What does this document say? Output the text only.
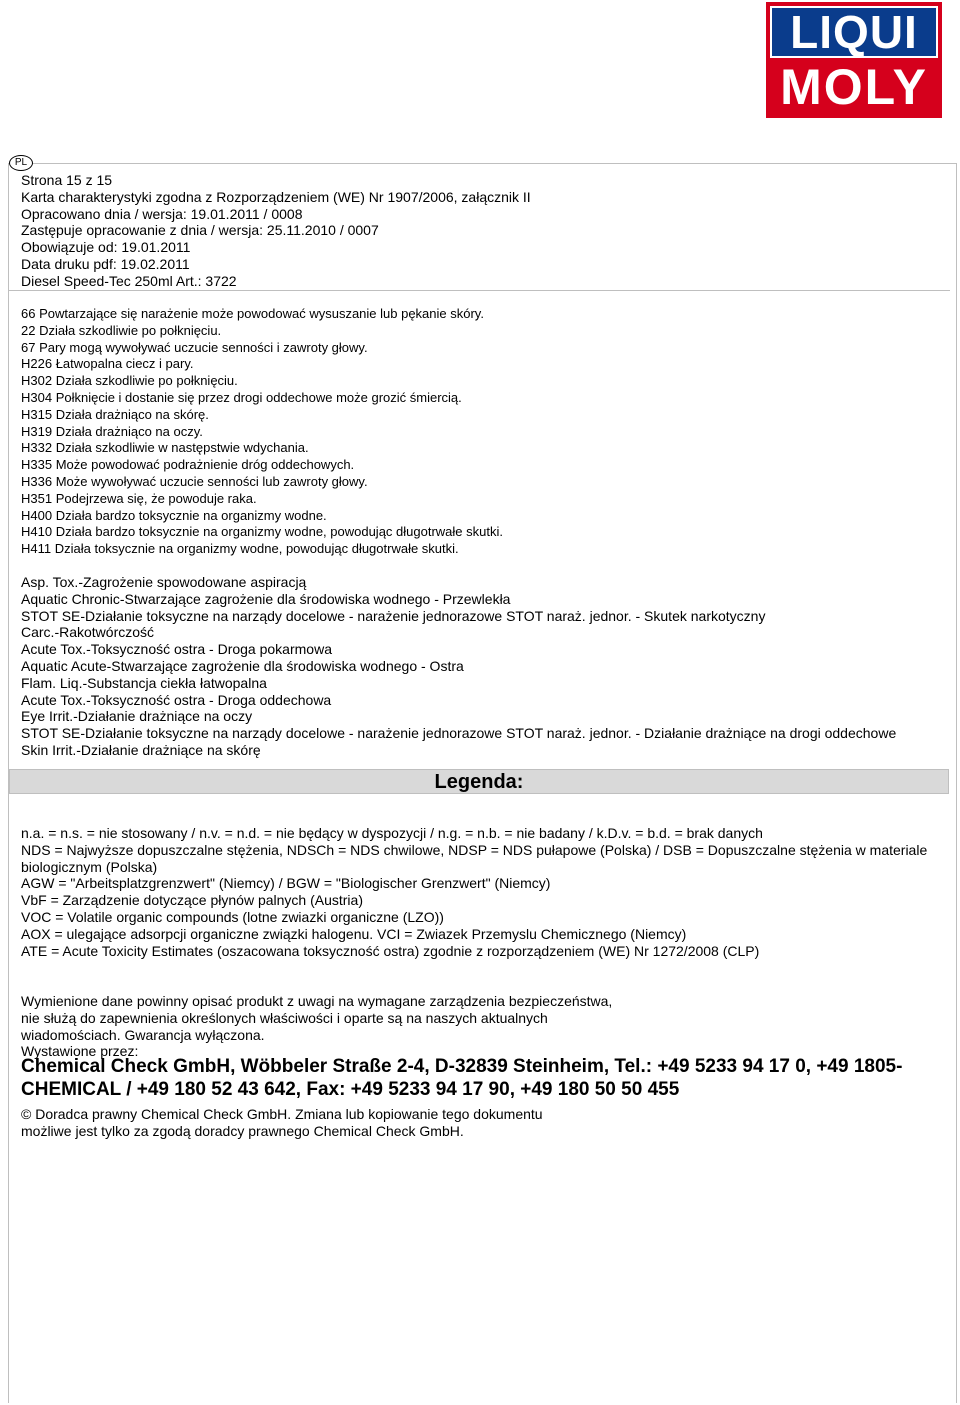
LIQUI
MOLY
PL
Strona 15 z 15
Karta charakterystyki zgodna z Rozporządzeniem (WE) Nr 1907/2006, załącznik II
Opracowano dnia / wersja: 19.01.2011 / 0008
Zastępuje opracowanie z dnia / wersja: 25.11.2010 / 0007
Obowiązuje od: 19.01.2011
Data druku pdf: 19.02.2011
Diesel Speed-Tec 250ml Art.: 3722
66 Powtarzające się narażenie może powodować wysuszanie lub pękanie skóry.
22 Działa szkodliwie po połknięciu.
67 Pary mogą wywoływać uczucie senności i zawroty głowy.
H226 Łatwopalna ciecz i pary.
H302 Działa szkodliwie po połknięciu.
H304 Połknięcie i dostanie się przez drogi oddechowe może grozić śmiercią.
H315 Działa drażniąco na skórę.
H319 Działa drażniąco na oczy.
H332 Działa szkodliwie w następstwie wdychania.
H335 Może powodować podrażnienie dróg oddechowych.
H336 Może wywoływać uczucie senności lub zawroty głowy.
H351 Podejrzewa się, że powoduje raka.
H400 Działa bardzo toksycznie na organizmy wodne.
H410 Działa bardzo toksycznie na organizmy wodne, powodując długotrwałe skutki.
H411 Działa toksycznie na organizmy wodne, powodując długotrwałe skutki.
Asp. Tox.-Zagrożenie spowodowane aspiracją
Aquatic Chronic-Stwarzające zagrożenie dla środowiska wodnego - Przewlekła
STOT SE-Działanie toksyczne na narządy docelowe - narażenie jednorazowe STOT naraż. jednor. - Skutek narkotyczny
Carc.-Rakotwórczość
Acute Tox.-Toksyczność ostra - Droga pokarmowa
Aquatic Acute-Stwarzające zagrożenie dla środowiska wodnego - Ostra
Flam. Liq.-Substancja ciekła łatwopalna
Acute Tox.-Toksyczność ostra - Droga oddechowa
Eye Irrit.-Działanie drażniące na oczy
STOT SE-Działanie toksyczne na narządy docelowe - narażenie jednorazowe STOT naraż. jednor. - Działanie drażniące na drogi oddechowe
Skin Irrit.-Działanie drażniące na skórę
Legenda:
n.a. = n.s. = nie stosowany / n.v. = n.d. = nie będący w dyspozycji / n.g. = n.b. = nie badany / k.D.v. = b.d. = brak danych
NDS = Najwyższe dopuszczalne stężenia, NDSCh = NDS chwilowe, NDSP = NDS pułapowe (Polska) / DSB = Dopuszczalne stężenia w materiale biologicznym (Polska)
AGW = "Arbeitsplatzgrenzwert" (Niemcy) / BGW = "Biologischer Grenzwert" (Niemcy)
VbF = Zarządzenie dotyczące płynów palnych (Austria)
VOC = Volatile organic compounds (lotne zwiazki organiczne (LZO))
AOX = ulegające adsorpcji organiczne związki halogenu. VCI = Zwiazek Przemyslu Chemicznego (Niemcy)
ATE = Acute Toxicity Estimates (oszacowana toksyczność ostra) zgodnie z rozporządzeniem (WE) Nr 1272/2008 (CLP)
Wymienione dane powinny opisać produkt z uwagi na wymagane zarządzenia bezpieczeństwa,
nie służą do zapewnienia określonych właściwości i oparte są na naszych aktualnych
wiadomościach. Gwarancja wyłączona.
Wystawione przez:
Chemical Check GmbH, Wöbbeler Straße 2-4, D-32839 Steinheim, Tel.: +49 5233 94 17 0, +49 1805-CHEMICAL / +49 180 52 43 642, Fax: +49 5233 94 17 90, +49 180 50 50 455
© Doradca prawny Chemical Check GmbH. Zmiana lub kopiowanie tego dokumentu
możliwe jest tylko za zgodą doradcy prawnego Chemical Check GmbH.
